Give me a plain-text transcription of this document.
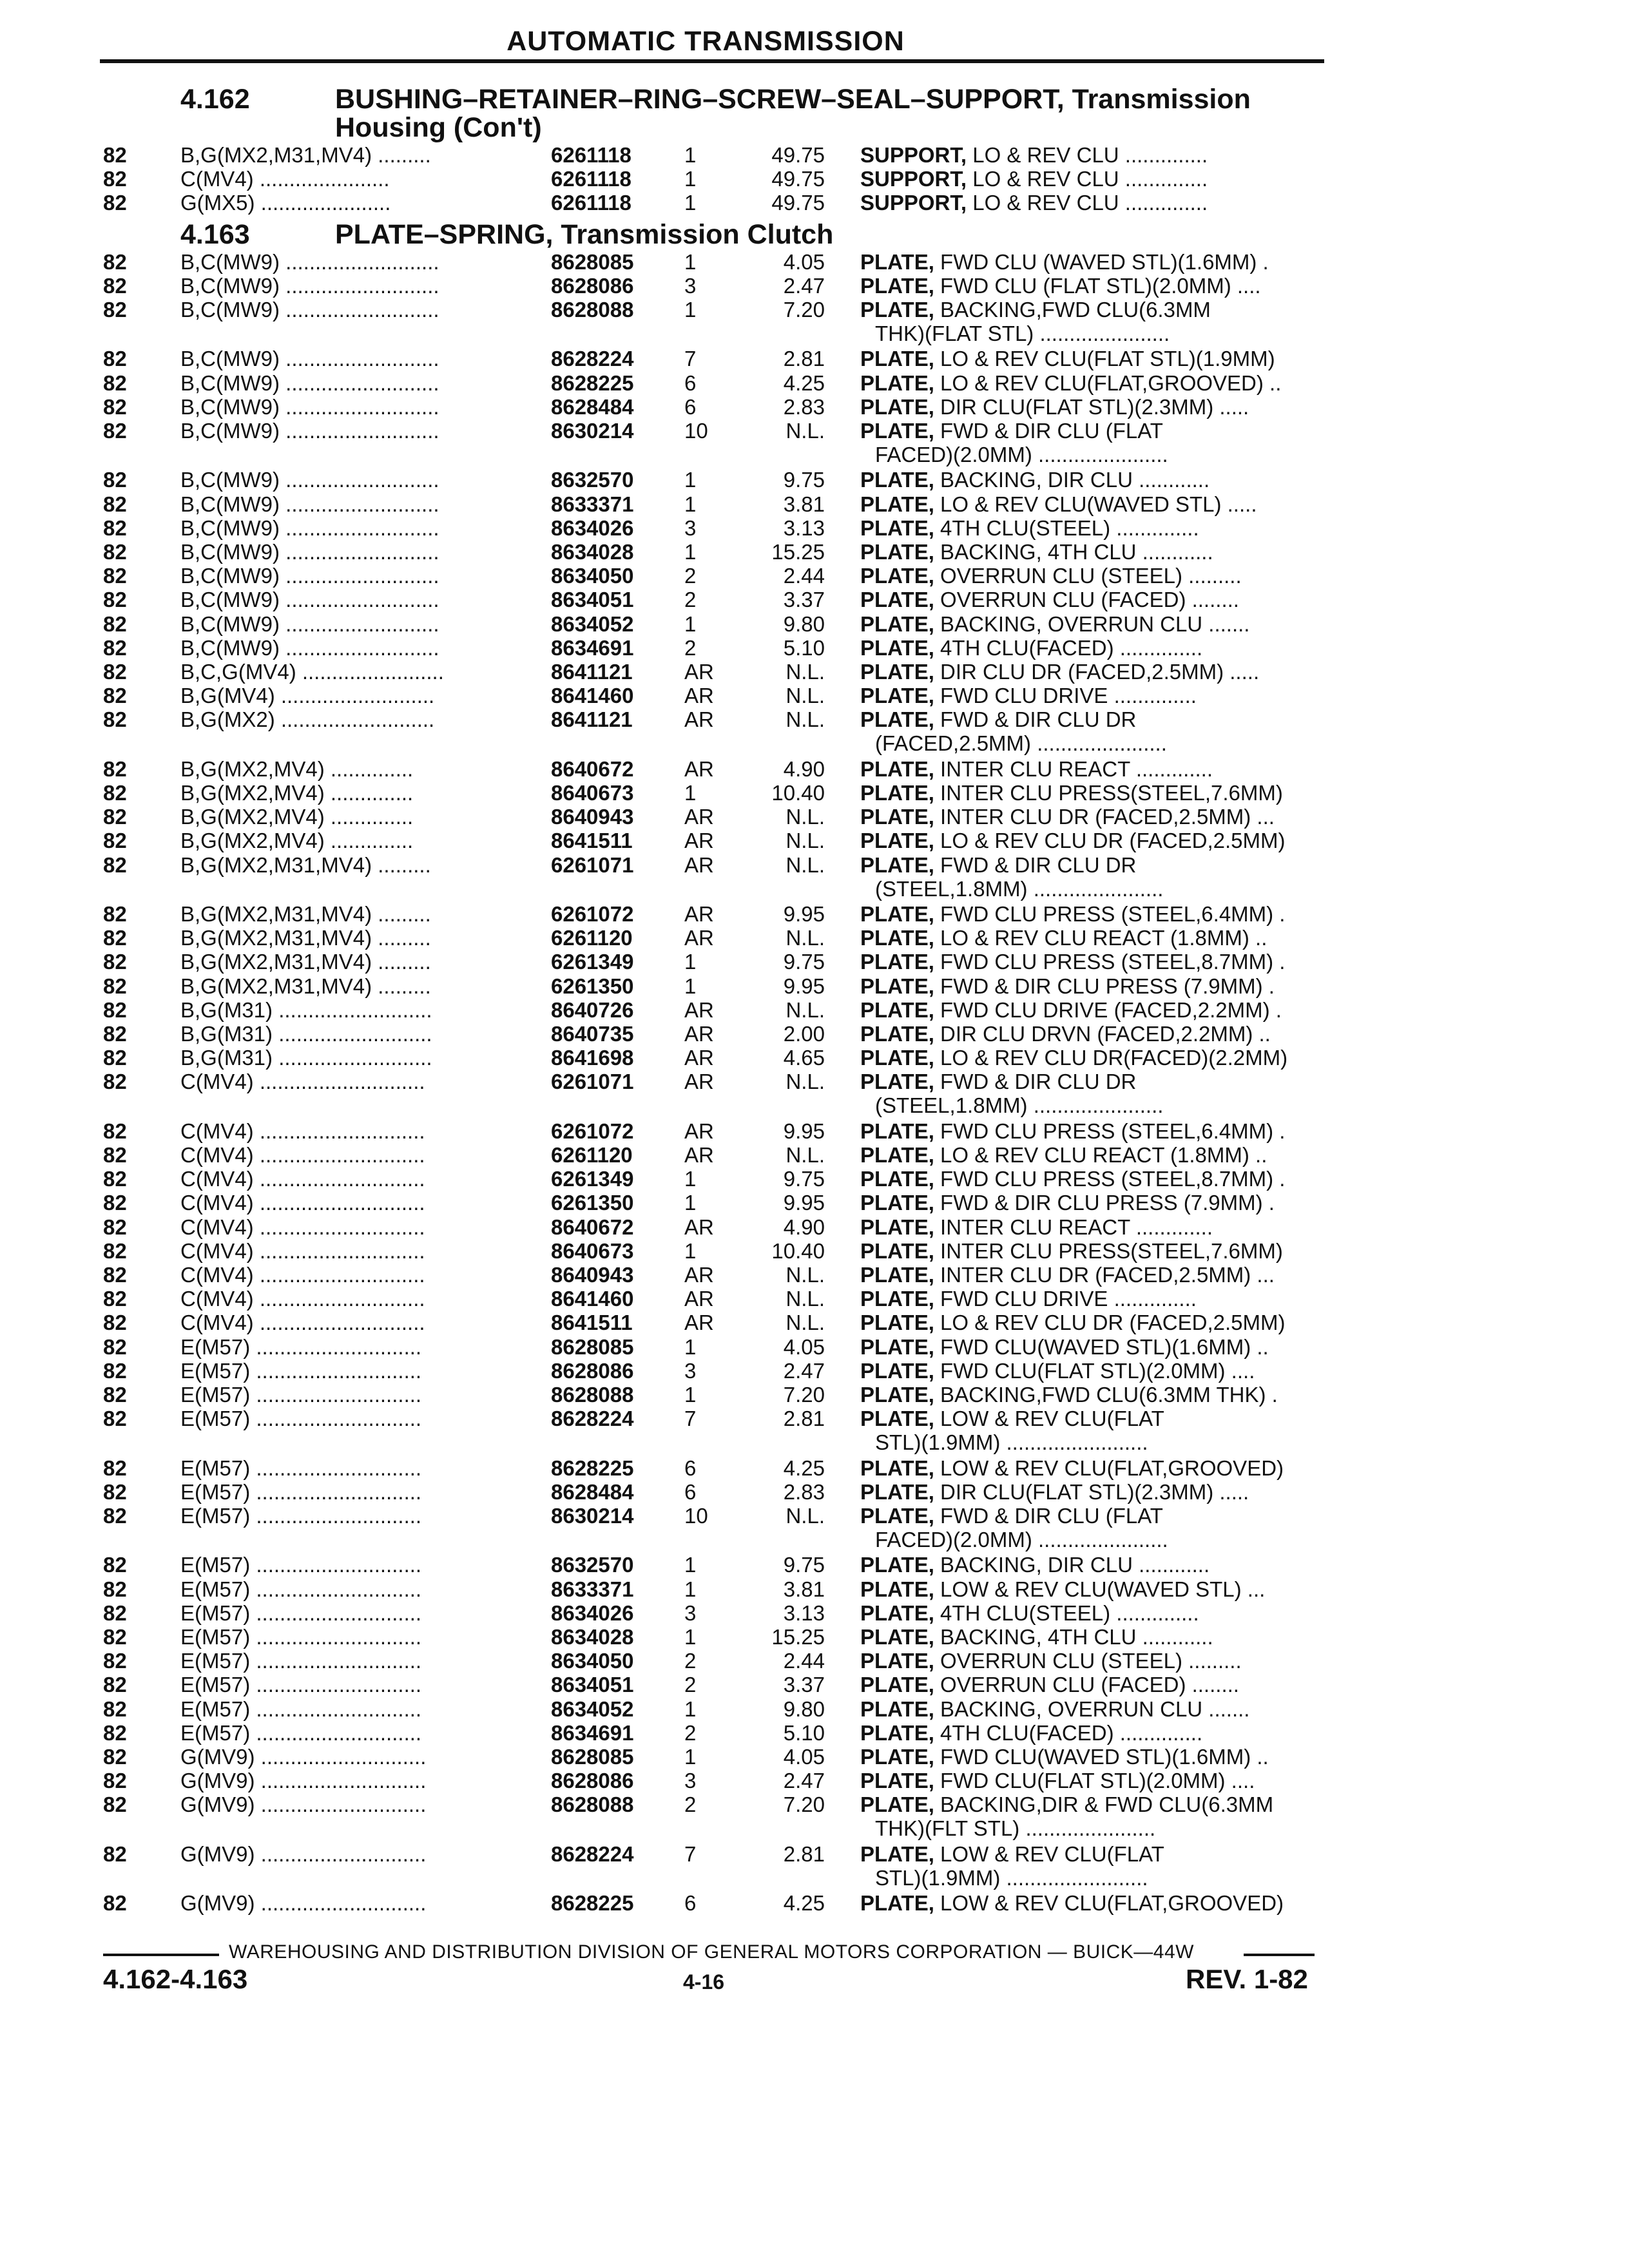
AUTOMATIC TRANSMISSION
4.162	BUSHING–RETAINER–RING–SCREW–SEAL–SUPPORT, Transmission
Housing (Con't)
82	B,G(MX2,M31,MV4) .........	6261118 1	49.75 SUPPORT, LO & REV CLU ..............
82	C(MV4) ......................	6261118 1	49.75 SUPPORT, LO & REV CLU ..............
82	G(MX5) ......................	6261118 1	49.75 SUPPORT, LO & REV CLU ..............
4.163	PLATE–SPRING, Transmission Clutch
82	B,C(MW9) ..........................	8628085 1	4.05 PLATE, FWD CLU (WAVED STL)(1.6MM) .
82	B,C(MW9) ..........................	8628086 3	2.47 PLATE, FWD CLU (FLAT STL)(2.0MM) ....
82	B,C(MW9) ..........................	8628088 1	7.20 PLATE, BACKING,FWD CLU(6.3MM
THK)(FLAT STL) ......................
82	B,C(MW9) ..........................	8628224 7	2.81 PLATE, LO & REV CLU(FLAT STL)(1.9MM)
82	B,C(MW9) ..........................	8628225 6	4.25 PLATE, LO & REV CLU(FLAT,GROOVED) ..
82	B,C(MW9) ..........................	8628484 6	2.83 PLATE, DIR CLU(FLAT STL)(2.3MM) .....
82	B,C(MW9) ..........................	8630214 10	N.L. PLATE, FWD & DIR CLU (FLAT
FACED)(2.0MM) ......................
82	B,C(MW9) ..........................	8632570 1	9.75 PLATE, BACKING, DIR CLU ............
82	B,C(MW9) ..........................	8633371 1	3.81 PLATE, LO & REV CLU(WAVED STL) .....
82	B,C(MW9) ..........................	8634026 3	3.13 PLATE, 4TH CLU(STEEL) ..............
82	B,C(MW9) ..........................	8634028 1	15.25 PLATE, BACKING, 4TH CLU ............
82	B,C(MW9) ..........................	8634050 2	2.44 PLATE, OVERRUN CLU (STEEL) .........
82	B,C(MW9) ..........................	8634051 2	3.37 PLATE, OVERRUN CLU (FACED) ........
82	B,C(MW9) ..........................	8634052 1	9.80 PLATE, BACKING, OVERRUN CLU .......
82	B,C(MW9) ..........................	8634691 2	5.10 PLATE, 4TH CLU(FACED) ..............
82	B,C,G(MV4) ........................	8641121 AR	N.L. PLATE, DIR CLU DR (FACED,2.5MM) .....
82	B,G(MV4) ..........................	8641460 AR	N.L. PLATE, FWD CLU DRIVE ..............
82	B,G(MX2) ..........................	8641121 AR	N.L. PLATE, FWD & DIR CLU DR
(FACED,2.5MM) ......................
82	B,G(MX2,MV4) ..............	8640672 AR	4.90 PLATE, INTER CLU REACT .............
82	B,G(MX2,MV4) ..............	8640673 1	10.40 PLATE, INTER CLU PRESS(STEEL,7.6MM)
82	B,G(MX2,MV4) ..............	8640943 AR	N.L. PLATE, INTER CLU DR (FACED,2.5MM) ...
82	B,G(MX2,MV4) ..............	8641511 AR	N.L. PLATE, LO & REV CLU DR (FACED,2.5MM)
82	B,G(MX2,M31,MV4) .........	6261071 AR	N.L. PLATE, FWD & DIR CLU DR
(STEEL,1.8MM) ......................
82	B,G(MX2,M31,MV4) .........	6261072 AR	9.95 PLATE, FWD CLU PRESS (STEEL,6.4MM) .
82	B,G(MX2,M31,MV4) .........	6261120 AR	N.L. PLATE, LO & REV CLU REACT (1.8MM) ..
82	B,G(MX2,M31,MV4) .........	6261349 1	9.75 PLATE, FWD CLU PRESS (STEEL,8.7MM) .
82	B,G(MX2,M31,MV4) .........	6261350 1	9.95 PLATE, FWD & DIR CLU PRESS (7.9MM) .
82	B,G(M31) ..........................	8640726 AR	N.L. PLATE, FWD CLU DRIVE (FACED,2.2MM) .
82	B,G(M31) ..........................	8640735 AR	2.00 PLATE, DIR CLU DRVN (FACED,2.2MM) ..
82	B,G(M31) ..........................	8641698 AR	4.65 PLATE, LO & REV CLU DR(FACED)(2.2MM)
82	C(MV4) ............................	6261071 AR	N.L. PLATE, FWD & DIR CLU DR
(STEEL,1.8MM) ......................
82	C(MV4) ............................	6261072 AR	9.95 PLATE, FWD CLU PRESS (STEEL,6.4MM) .
82	C(MV4) ............................	6261120 AR	N.L. PLATE, LO & REV CLU REACT (1.8MM) ..
82	C(MV4) ............................	6261349 1	9.75 PLATE, FWD CLU PRESS (STEEL,8.7MM) .
82	C(MV4) ............................	6261350 1	9.95 PLATE, FWD & DIR CLU PRESS (7.9MM) .
82	C(MV4) ............................	8640672 AR	4.90 PLATE, INTER CLU REACT .............
82	C(MV4) ............................	8640673 1	10.40 PLATE, INTER CLU PRESS(STEEL,7.6MM)
82	C(MV4) ............................	8640943 AR	N.L. PLATE, INTER CLU DR (FACED,2.5MM) ...
82	C(MV4) ............................	8641460 AR	N.L. PLATE, FWD CLU DRIVE ..............
82	C(MV4) ............................	8641511 AR	N.L. PLATE, LO & REV CLU DR (FACED,2.5MM)
82	E(M57) ............................	8628085 1	4.05 PLATE, FWD CLU(WAVED STL)(1.6MM) ..
82	E(M57) ............................	8628086 3	2.47 PLATE, FWD CLU(FLAT STL)(2.0MM) ....
82	E(M57) ............................	8628088 1	7.20 PLATE, BACKING,FWD CLU(6.3MM THK) .
82	E(M57) ............................	8628224 7	2.81 PLATE, LOW & REV CLU(FLAT
STL)(1.9MM) ........................
82	E(M57) ............................	8628225 6	4.25 PLATE, LOW & REV CLU(FLAT,GROOVED)
82	E(M57) ............................	8628484 6	2.83 PLATE, DIR CLU(FLAT STL)(2.3MM) .....
82	E(M57) ............................	8630214 10	N.L. PLATE, FWD & DIR CLU (FLAT
FACED)(2.0MM) ......................
82	E(M57) ............................	8632570 1	9.75 PLATE, BACKING, DIR CLU ............
82	E(M57) ............................	8633371 1	3.81 PLATE, LOW & REV CLU(WAVED STL) ...
82	E(M57) ............................	8634026 3	3.13 PLATE, 4TH CLU(STEEL) ..............
82	E(M57) ............................	8634028 1	15.25 PLATE, BACKING, 4TH CLU ............
82	E(M57) ............................	8634050 2	2.44 PLATE, OVERRUN CLU (STEEL) .........
82	E(M57) ............................	8634051 2	3.37 PLATE, OVERRUN CLU (FACED) ........
82	E(M57) ............................	8634052 1	9.80 PLATE, BACKING, OVERRUN CLU .......
82	E(M57) ............................	8634691 2	5.10 PLATE, 4TH CLU(FACED) ..............
82	G(MV9) ............................	8628085 1	4.05 PLATE, FWD CLU(WAVED STL)(1.6MM) ..
82	G(MV9) ............................	8628086 3	2.47 PLATE, FWD CLU(FLAT STL)(2.0MM) ....
82	G(MV9) ............................	8628088 2	7.20 PLATE, BACKING,DIR & FWD CLU(6.3MM
THK)(FLT STL) ......................
82	G(MV9) ............................	8628224 7	2.81 PLATE, LOW & REV CLU(FLAT
STL)(1.9MM) ........................
82	G(MV9) ............................	8628225 6	4.25 PLATE, LOW & REV CLU(FLAT,GROOVED)
WAREHOUSING AND DISTRIBUTION DIVISION OF GENERAL MOTORS CORPORATION — BUICK—44W
4.162-4.163	4-16	REV. 1-82
